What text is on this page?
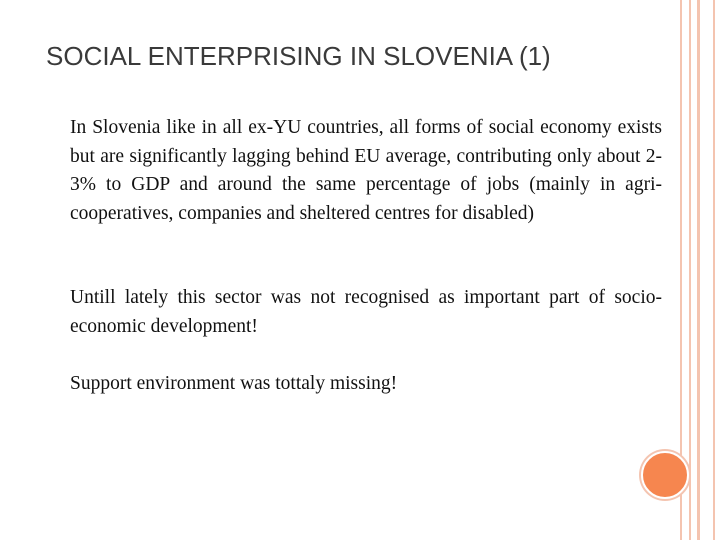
SOCIAL ENTERPRISING IN SLOVENIA (1)

In Slovenia like in all ex-YU countries, all forms of social economy exists but are significantly lagging behind EU average, contributing only about 2-3% to GDP and around the same percentage of jobs (mainly in agri- cooperatives, companies and sheltered centres for disabled)

Untill lately this sector was not recognised as important part of socio-economic development!

Support environment was tottaly missing!
